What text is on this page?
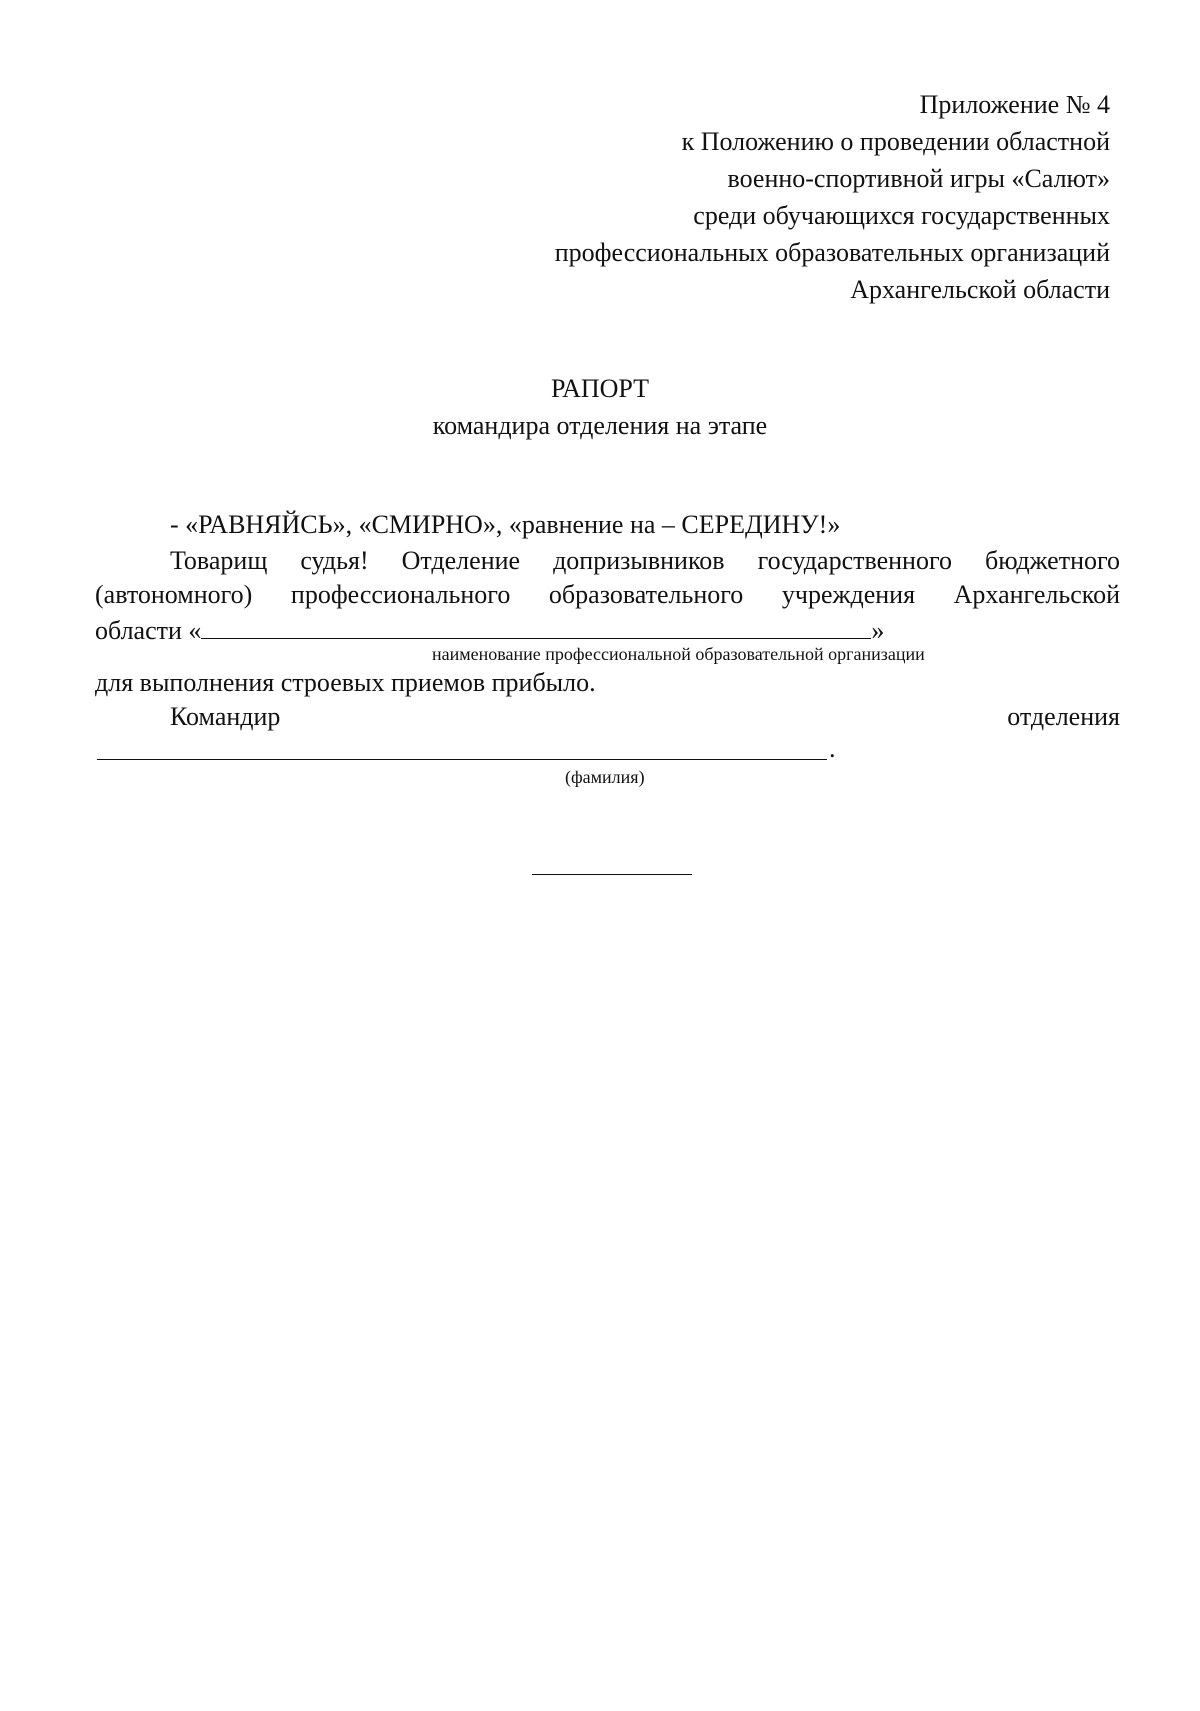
Приложение № 4
к Положению о проведении областной
военно-спортивной игры «Салют»
среди обучающихся государственных
профессиональных образовательных организаций
Архангельской области
РАПОРТ
командира отделения на этапе
- «РАВНЯЙСЬ», «СМИРНО», «равнение на – СЕРЕДИНУ!»
Товарищ судья! Отделение допризывников государственного бюджетного
(автономного) профессионального образовательного учреждения Архангельской
области «	»
наименование профессиональной образовательной организации
для выполнения строевых приемов прибыло.
Командир	отделения
.
(фамилия)
